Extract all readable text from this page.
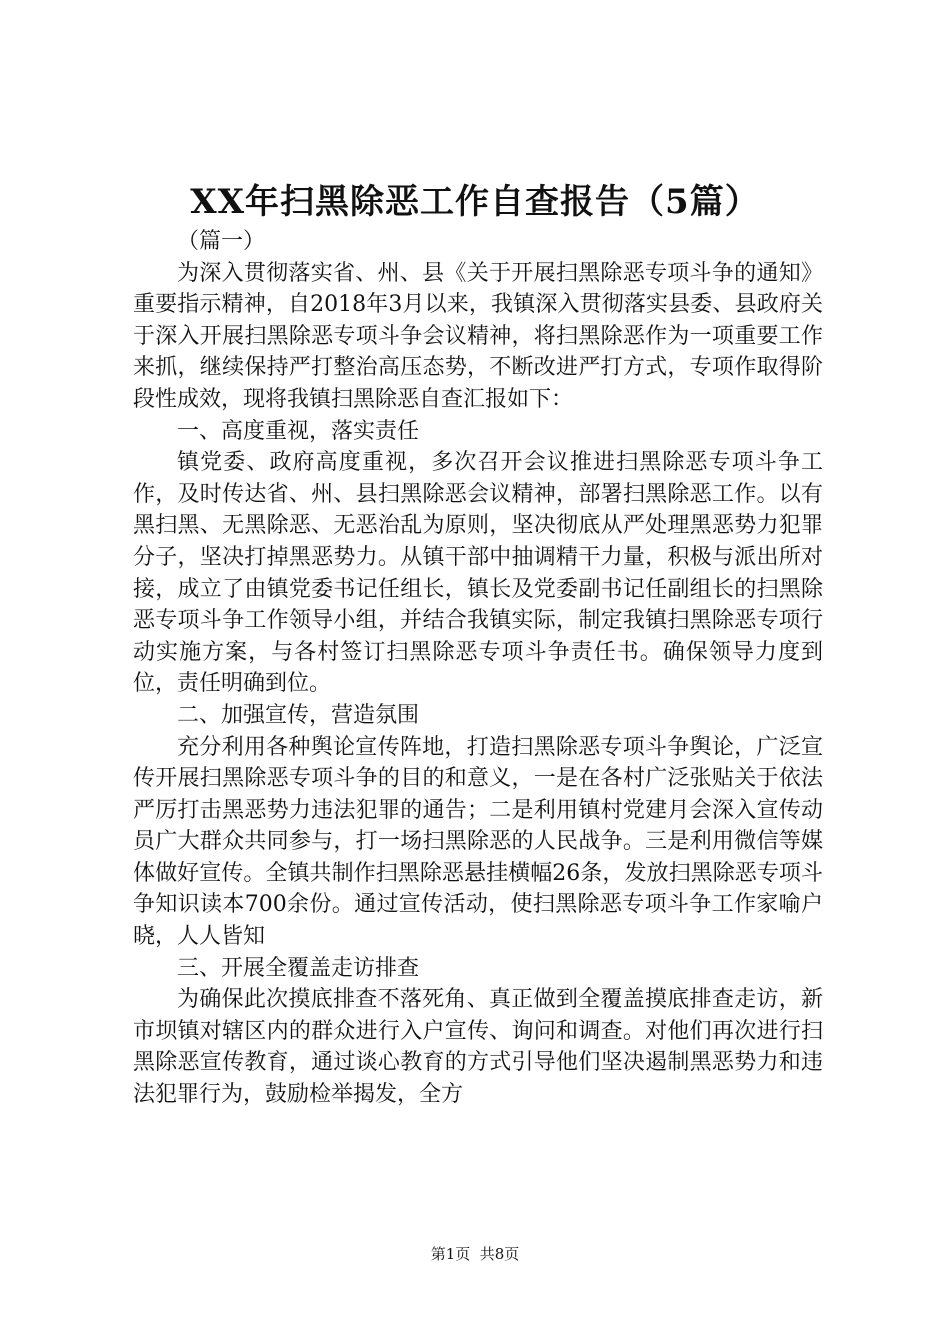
XX年扫黑除恶工作自查报告（5篇）

（篇一）

为深入贯彻落实省、州、县《关于开展扫黑除恶专项斗争的通知》重要指示精神，自2018年3月以来，我镇深入贯彻落实县委、县政府关于深入开展扫黑除恶专项斗争会议精神，将扫黑除恶作为一项重要工作来抓，继续保持严打整治高压态势，不断改进严打方式，专项作取得阶段性成效，现将我镇扫黑除恶自查汇报如下：

一、高度重视，落实责任

镇党委、政府高度重视，多次召开会议推进扫黑除恶专项斗争工作，及时传达省、州、县扫黑除恶会议精神，部署扫黑除恶工作。以有黑扫黑、无黑除恶、无恶治乱为原则，坚决彻底从严处理黑恶势力犯罪分子，坚决打掉黑恶势力。从镇干部中抽调精干力量，积极与派出所对接，成立了由镇党委书记任组长，镇长及党委副书记任副组长的扫黑除恶专项斗争工作领导小组，并结合我镇实际，制定我镇扫黑除恶专项行动实施方案，与各村签订扫黑除恶专项斗争责任书。确保领导力度到位，责任明确到位。

二、加强宣传，营造氛围

充分利用各种舆论宣传阵地，打造扫黑除恶专项斗争舆论，广泛宣传开展扫黑除恶专项斗争的目的和意义，一是在各村广泛张贴关于依法严厉打击黑恶势力违法犯罪的通告；二是利用镇村党建月会深入宣传动员广大群众共同参与，打一场扫黑除恶的人民战争。三是利用微信等媒体做好宣传。全镇共制作扫黑除恶悬挂横幅26条，发放扫黑除恶专项斗争知识读本700余份。通过宣传活动，使扫黑除恶专项斗争工作家喻户晓，人人皆知

三、开展全覆盖走访排查

为确保此次摸底排查不落死角、真正做到全覆盖摸底排查走访，新市坝镇对辖区内的群众进行入户宣传、询问和调查。对他们再次进行扫黑除恶宣传教育，通过谈心教育的方式引导他们坚决遏制黑恶势力和违法犯罪行为，鼓励检举揭发，全方

第1页  共8页
